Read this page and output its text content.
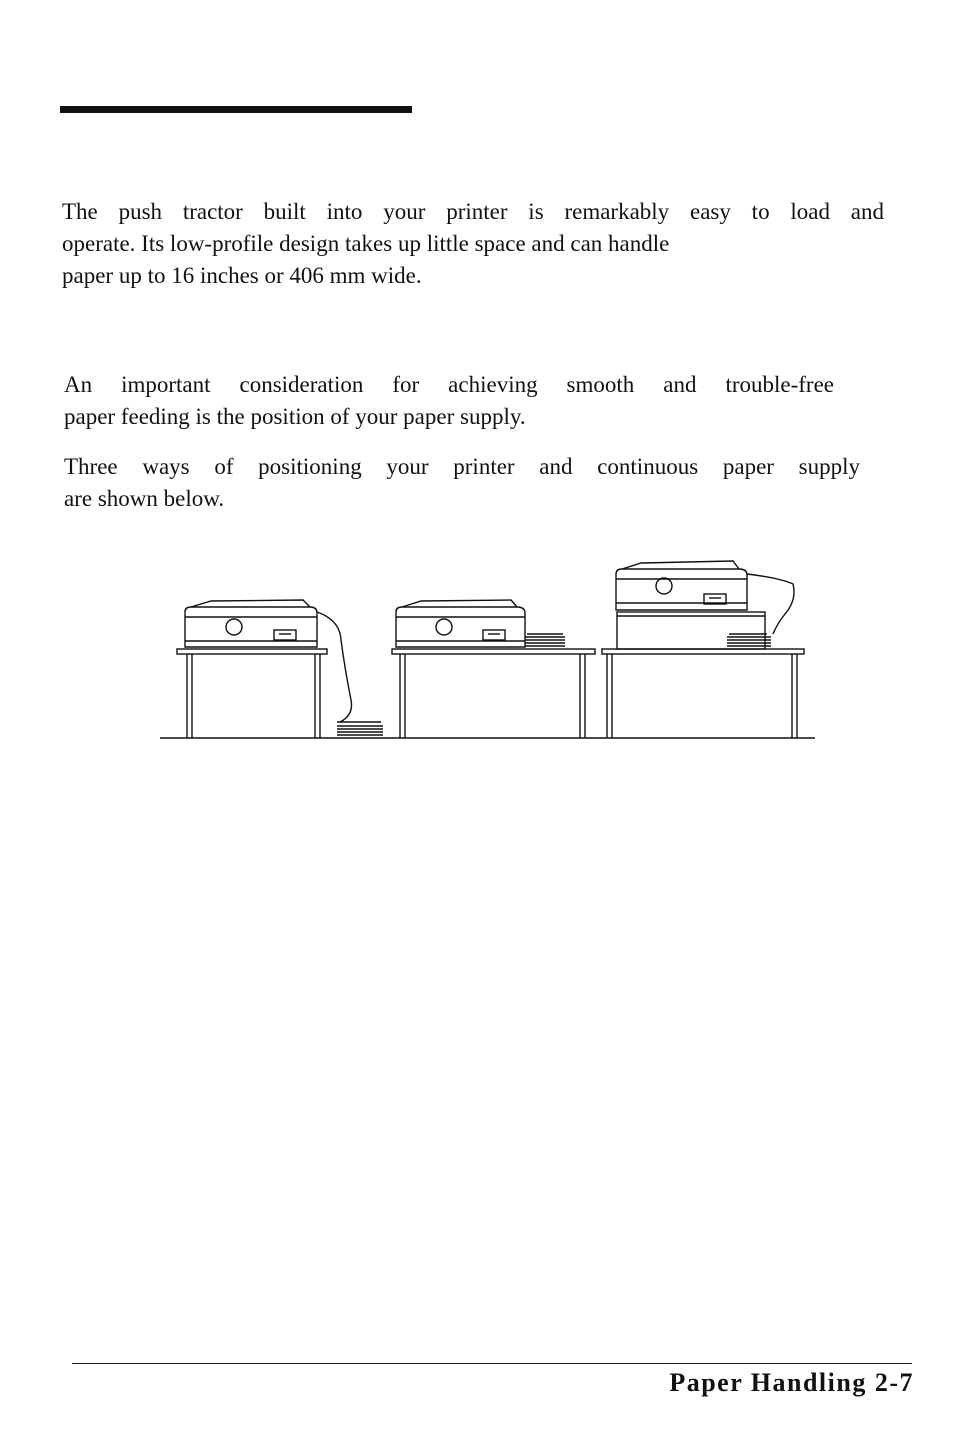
The push tractor built into your printer is remarkably easy to load and
operate. Its low-profile design takes up little space and can handle
paper up to 16 inches or 406 mm wide.

An important consideration for achieving smooth and trouble-free
paper feeding is the position of your paper supply.

Three ways of positioning your printer and continuous paper supply
are shown below.

Paper Handling 2-7
